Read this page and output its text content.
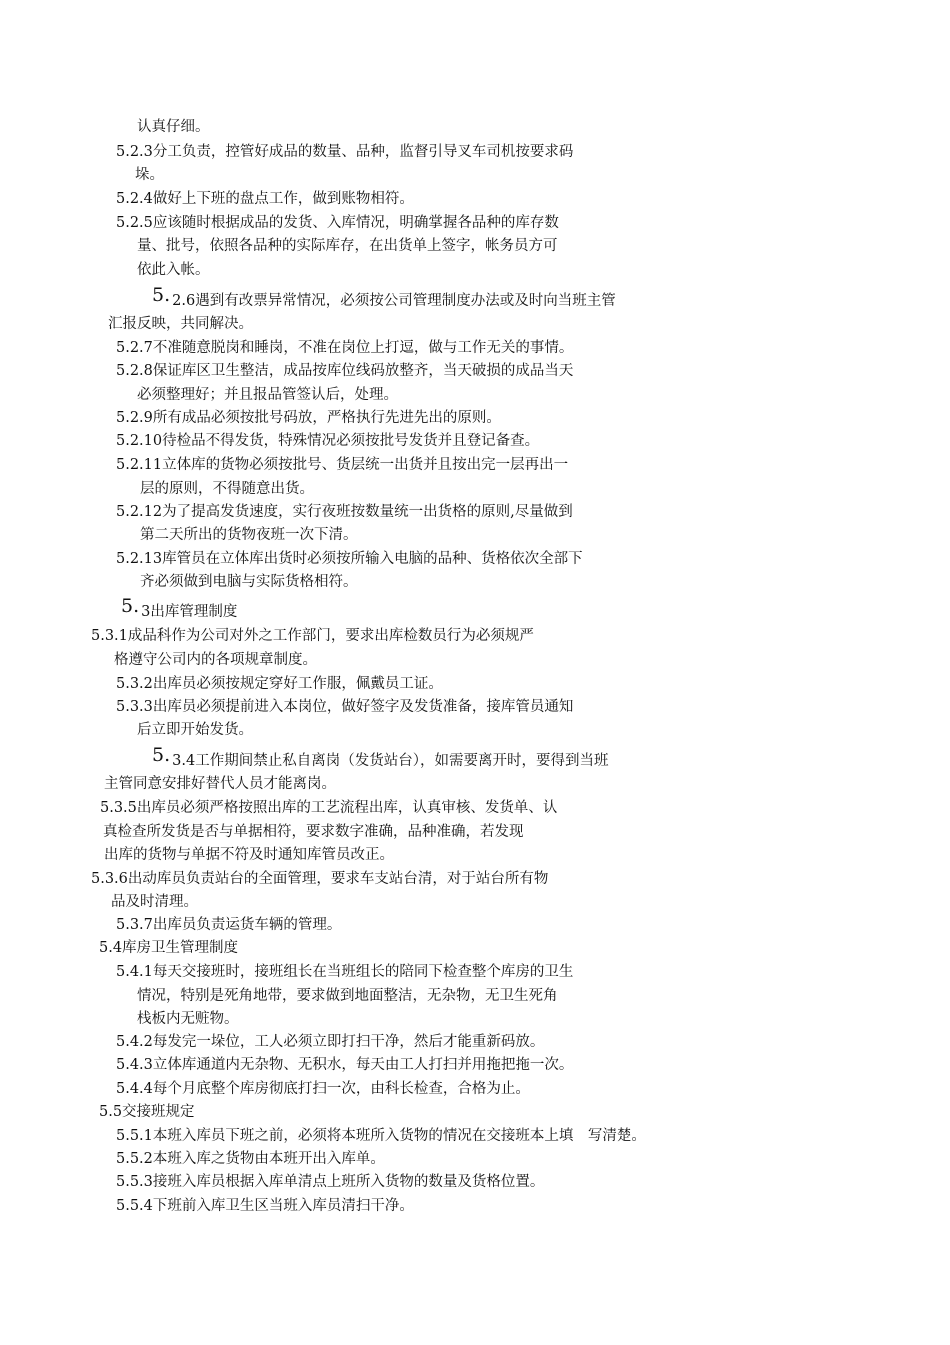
认真仔细。
5.2.3分工负责，控管好成品的数量、品种，监督引导叉车司机按要求码
垛。
5.2.4做好上下班的盘点工作，做到账物相符。
5.2.5应该随时根据成品的发货、入库情况，明确掌握各品种的库存数
量、批号，依照各品种的实际库存，在出货单上签字，帐务员方可
依此入帐。
5. 2.6遇到有改票异常情况，必须按公司管理制度办法或及时向当班主管
汇报反映，共同解决。
5.2.7不准随意脱岗和睡岗，不准在岗位上打逗，做与工作无关的事情。
5.2.8保证库区卫生整洁，成品按库位线码放整齐，当天破损的成品当天
必须整理好；并且报品管签认后，处理。
5.2.9所有成品必须按批号码放，严格执行先进先出的原则。
5.2.10待检品不得发货，特殊情况必须按批号发货并且登记备查。
5.2.11立体库的货物必须按批号、货层统一出货并且按出完一层再出一
层的原则，不得随意出货。
5.2.12为了提高发货速度，实行夜班按数量统一出货格的原则,尽量做到
第二天所出的货物夜班一次下清。
5.2.13库管员在立体库出货时必须按所输入电脑的品种、货格依次全部下
齐必须做到电脑与实际货格相符。
5. 3出库管理制度
5.3.1成品科作为公司对外之工作部门，要求出库检数员行为必须规严
格遵守公司内的各项规章制度。
5.3.2出库员必须按规定穿好工作服，佩戴员工证。
5.3.3出库员必须提前进入本岗位，做好签字及发货准备，接库管员通知
后立即开始发货。
5. 3.4工作期间禁止私自离岗（发货站台），如需要离开时，要得到当班
主管同意安排好替代人员才能离岗。
5.3.5出库员必须严格按照出库的工艺流程出库，认真审核、发货单、认
真检查所发货是否与单据相符，要求数字准确，品种准确，若发现
出库的货物与单据不符及时通知库管员改正。
5.3.6出动库员负责站台的全面管理，要求车支站台清，对于站台所有物
品及时清理。
5.3.7出库员负责运货车辆的管理。
5.4库房卫生管理制度
5.4.1每天交接班时，接班组长在当班组长的陪同下检查整个库房的卫生
情况，特别是死角地带，要求做到地面整洁，无杂物，无卫生死角
栈板内无赃物。
5.4.2每发完一垛位，工人必须立即打扫干净，然后才能重新码放。
5.4.3立体库通道内无杂物、无积水，每天由工人打扫并用拖把拖一次。
5.4.4每个月底整个库房彻底打扫一次，由科长检查，合格为止。
5.5交接班规定
5.5.1本班入库员下班之前，必须将本班所入货物的情况在交接班本上填　写清楚。
5.5.2本班入库之货物由本班开出入库单。
5.5.3接班入库员根据入库单清点上班所入货物的数量及货格位置。
5.5.4下班前入库卫生区当班入库员清扫干净。
